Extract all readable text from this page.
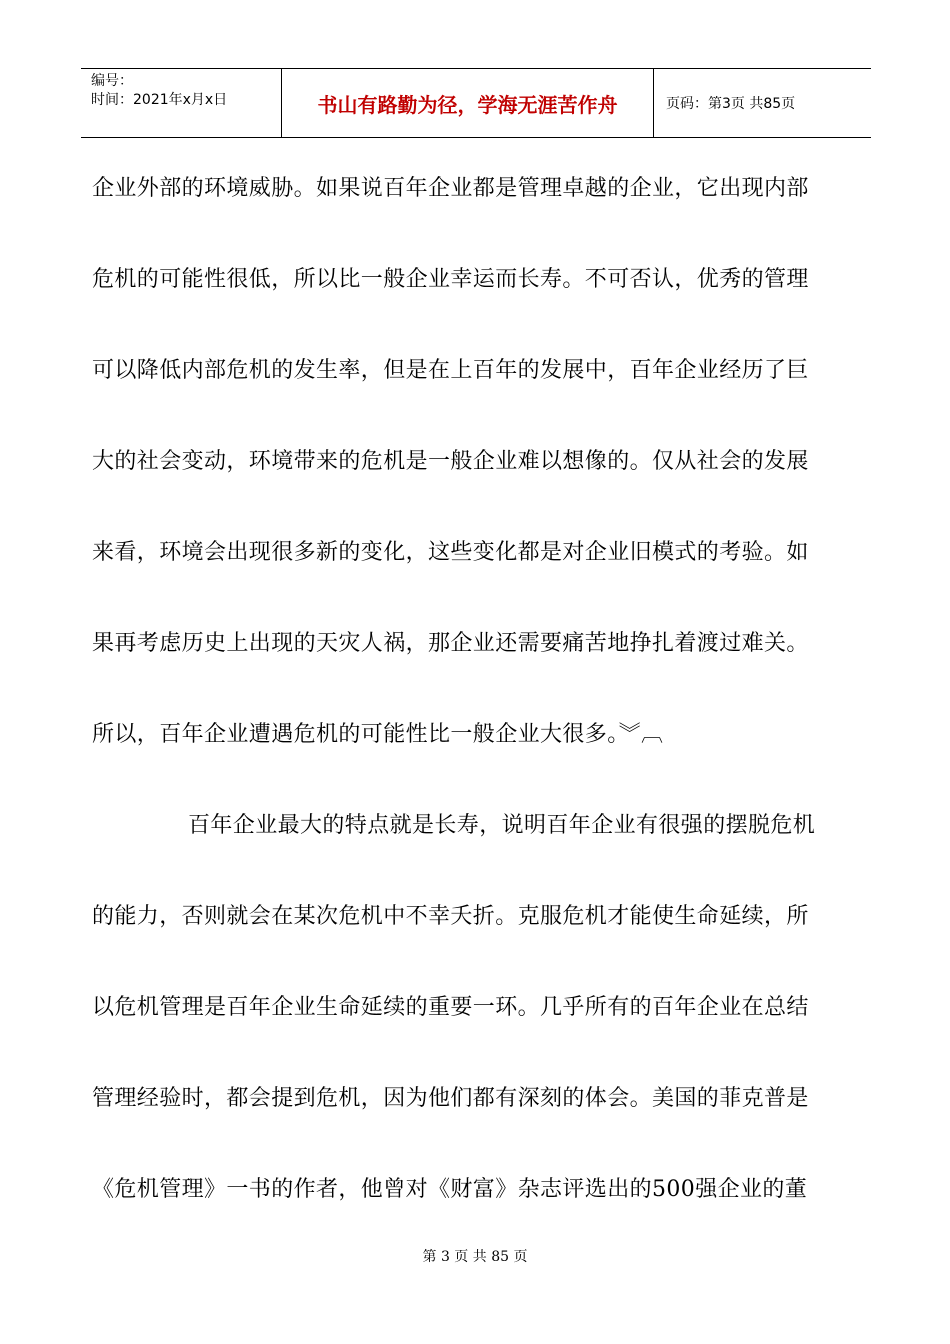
编号：
时间：2021年x月x日	书山有路勤为径，学海无涯苦作舟	页码：第3页 共85页
企业外部的环境威胁。如果说百年企业都是管理卓越的企业，它出现内部
危机的可能性很低，所以比一般企业幸运而长寿。不可否认，优秀的管理
可以降低内部危机的发生率，但是在上百年的发展中，百年企业经历了巨
大的社会变动，环境带来的危机是一般企业难以想像的。仅从社会的发展
来看，环境会出现很多新的变化，这些变化都是对企业旧模式的考验。如
果再考虑历史上出现的天灾人祸，那企业还需要痛苦地挣扎着渡过难关。
所以，百年企业遭遇危机的可能性比一般企业大很多。︾︹
百年企业最大的特点就是长寿，说明百年企业有很强的摆脱危机
的能力，否则就会在某次危机中不幸夭折。克服危机才能使生命延续，所
以危机管理是百年企业生命延续的重要一环。几乎所有的百年企业在总结
管理经验时，都会提到危机，因为他们都有深刻的体会。美国的菲克普是
《危机管理》一书的作者，他曾对《财富》杂志评选出的500强企业的董
第 3 页 共 85 页
